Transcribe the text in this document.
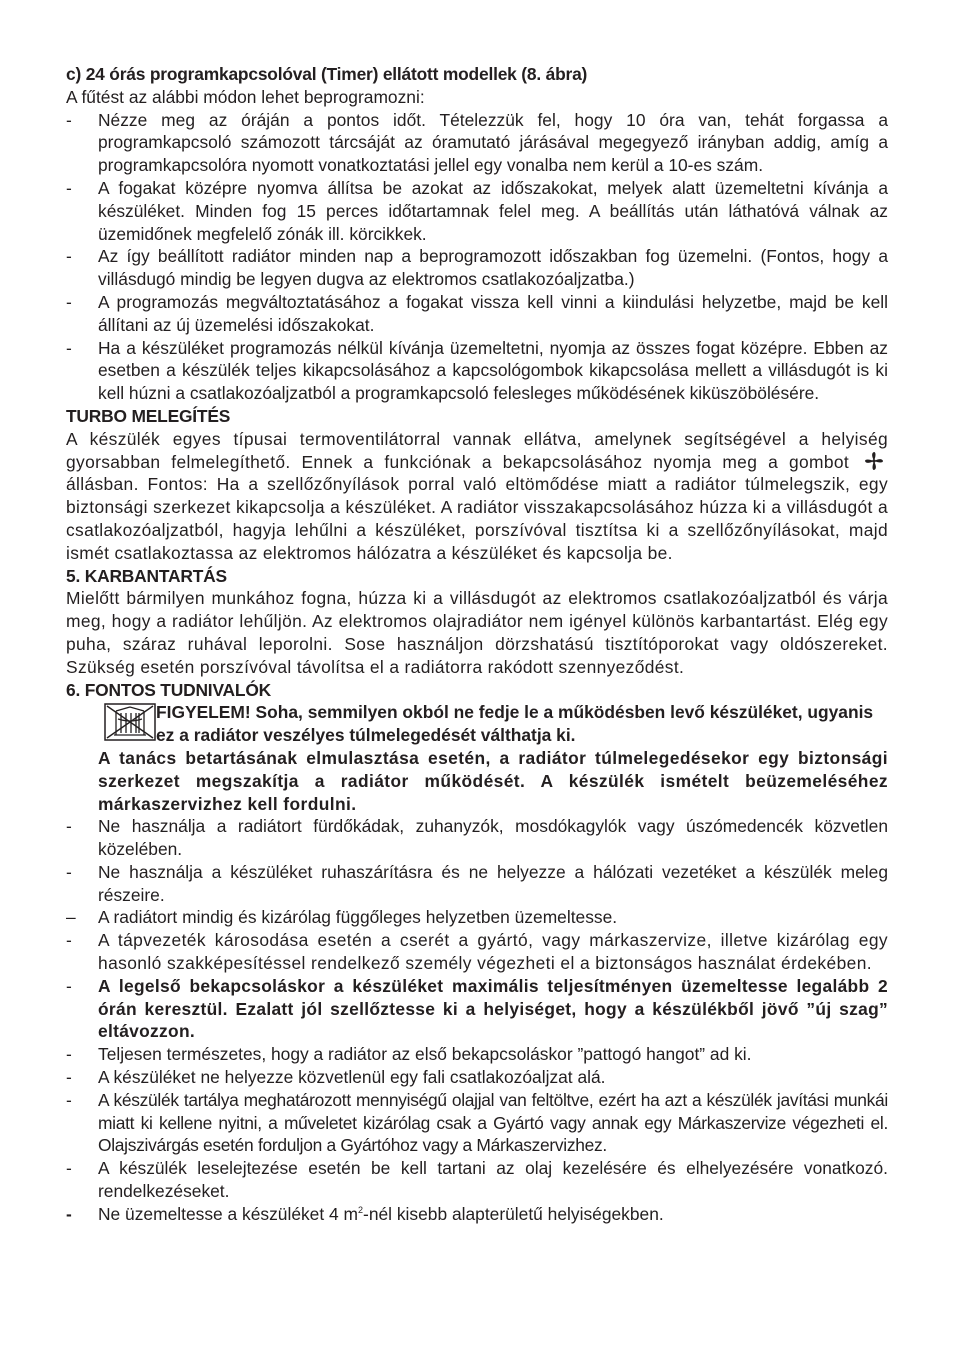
c) 24 órás programkapcsolóval (Timer) ellátott modellek (8. ábra)

A fűtést az alábbi módon lehet beprogramozni:

-	Nézze meg az óráján a pontos időt. Tételezzük fel, hogy 10 óra van, tehát forgassa a programkapcsoló számozott tárcsáját az óramutató járásával megegyező irányban addig, amíg a programkapcsolóra nyomott vonatkoztatási jellel egy vonalba nem kerül a 10-es szám.
-	A fogakat középre nyomva állítsa be azokat az időszakokat, melyek alatt üzemeltetni kívánja a készüléket. Minden fog 15 perces időtartamnak felel meg. A beállítás után láthatóvá válnak az üzemidőnek megfelelő zónák ill. körcikkek.
-	Az így beállított radiátor minden nap a beprogramozott időszakban fog üzemelni. (Fontos, hogy a villásdugó mindig be legyen dugva az elektromos csatlakozóaljzatba.)
-	A programozás megváltoztatásához a fogakat vissza kell vinni a kiindulási helyzetbe, majd be kell állítani az új üzemelési időszakokat.
-	Ha a készüléket programozás nélkül kívánja üzemeltetni, nyomja az összes fogat középre. Ebben az esetben a készülék teljes kikapcsolásához a kapcsológombok kikapcsolása mellett a villásdugót is ki kell húzni a csatlakozóaljzatból a programkapcsoló felesleges működésének kiküszöbölésére.

TURBO MELEGÍTÉS

A készülék egyes típusai termoventilátorral vannak ellátva, amelynek segítségével a helyiség gyorsabban felmelegíthető. Ennek a funkciónak a bekapcsolásához nyomja meg a gombot  állásban. Fontos: Ha a szellőzőnyílások porral való eltömődése miatt a radiátor túlmelegszik, egy biztonsági szerkezet kikapcsolja a készüléket. A radiátor visszakapcsolásához húzza ki a villásdugót a csatlakozóaljzatból, hagyja lehűlni a készüléket, porszívóval tisztítsa ki a szellőzőnyílásokat, majd ismét csatlakoztassa az elektromos hálózatra a készüléket és kapcsolja be.

5. KARBANTARTÁS

Mielőtt bármilyen munkához fogna, húzza ki a villásdugót az elektromos csatlakozóaljzatból és várja meg, hogy a radiátor lehűljön. Az elektromos olajradiátor nem igényel különös karbantartást. Elég egy puha, száraz ruhával leporolni. Sose használjon dörzshatású tisztítóporokat vagy oldószereket. Szükség esetén porszívóval távolítsa el a radiátorra rakódott szennyeződést.

6. FONTOS TUDNIVALÓK

FIGYELEM! Soha, semmilyen okból ne fedje le a működésben levő készüléket, ugyanis ez a radiátor veszélyes túlmelegedését válthatja ki.

A tanács betartásának elmulasztása esetén, a radiátor túlmelegedésekor egy biztonsági szerkezet megszakítja a radiátor működését. A készülék ismételt beüzemeléséhez márkaszervizhez kell fordulni.

-	Ne használja a radiátort fürdőkádak, zuhanyzók, mosdókagylók vagy úszómedencék közvetlen közelében.
-	Ne használja a készüléket ruhaszárításra és ne helyezze a hálózati vezetéket a készülék meleg részeire.
–	A radiátort mindig és kizárólag függőleges helyzetben üzemeltesse.
-	A tápvezeték károsodása esetén a cserét a gyártó, vagy márkaszervize, illetve kizárólag egy hasonló szakképesítéssel rendelkező személy végezheti el a biztonságos használat érdekében.
-	A legelső bekapcsoláskor a készüléket maximális teljesítményen üzemeltesse legalább 2 órán keresztül. Ezalatt jól szellőztesse ki a helyiséget, hogy a készülékből jövő ”új szag” eltávozzon.
-	Teljesen természetes, hogy a radiátor az első bekapcsoláskor ”pattogó hangot” ad ki.
-	A készüléket ne helyezze közvetlenül egy fali csatlakozóaljzat alá.
-	A készülék tartálya meghatározott mennyiségű olajjal van feltöltve, ezért ha azt a készülék javítási munkái miatt ki kellene nyitni, a műveletet kizárólag csak a Gyártó vagy annak egy Márkaszervize végezheti el. Olajszivárgás esetén forduljon a Gyártóhoz vagy a Márkaszervizhez.
-	A készülék leselejtezése esetén be kell tartani az olaj kezelésére és elhelyezésére vonatkozó. rendelkezéseket.
-	Ne üzemeltesse a készüléket 4 $m^2$-nél kisebb alapterületű helyiségekben.
